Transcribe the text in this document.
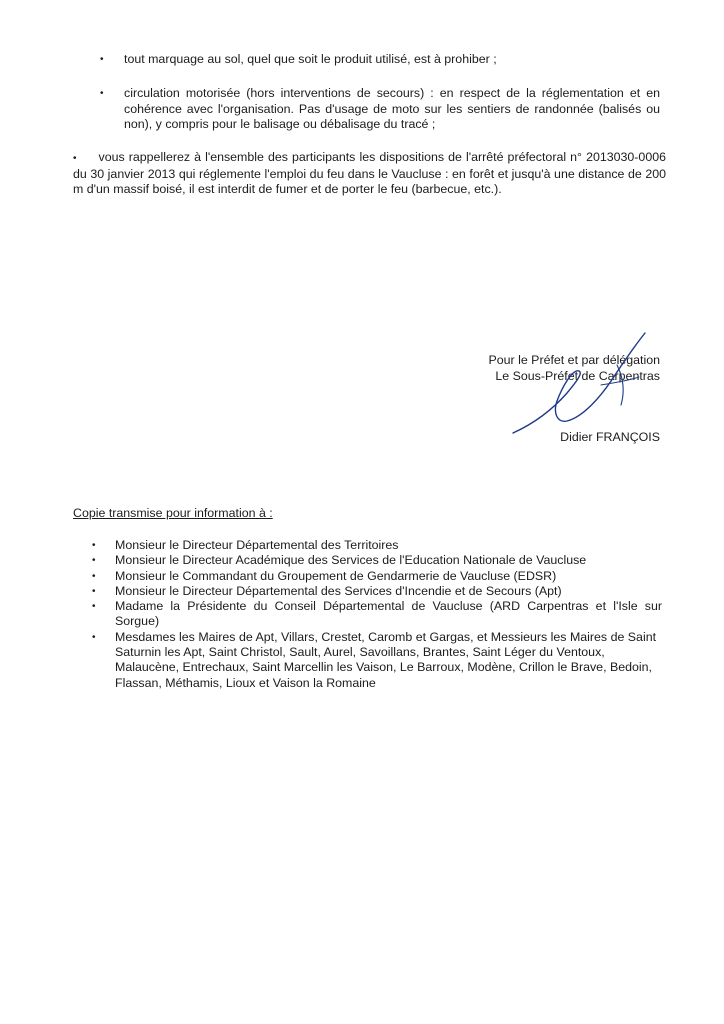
• tout marquage au sol, quel que soit le produit utilisé, est à prohiber ;
• circulation motorisée (hors interventions de secours) : en respect de la réglementation et en cohérence avec l'organisation. Pas d'usage de moto sur les sentiers de randonnée (balisés ou non), y compris pour le balisage ou débalisage du tracé ;
• vous rappellerez à l'ensemble des participants les dispositions de l'arrêté préfectoral n° 2013030-0006 du 30 janvier 2013 qui réglemente l'emploi du feu dans le Vaucluse : en forêt et jusqu'à une distance de 200 m d'un massif boisé, il est interdit de fumer et de porter le feu (barbecue, etc.).
Pour le Préfet et par délégation
Le Sous-Préfet de Carpentras
Didier FRANÇOIS
Copie transmise pour information à :
• Monsieur le Directeur Départemental des Territoires
• Monsieur le Directeur Académique des Services de l'Education Nationale de Vaucluse
• Monsieur le Commandant du Groupement de Gendarmerie de Vaucluse (EDSR)
• Monsieur le Directeur Départemental des Services d'Incendie et de Secours (Apt)
• Madame la Présidente du Conseil Départemental de Vaucluse (ARD Carpentras et l'Isle sur Sorgue)
• Mesdames les Maires de Apt, Villars, Crestet, Caromb et Gargas, et Messieurs les Maires de Saint Saturnin les Apt, Saint Christol, Sault, Aurel, Savoillans, Brantes, Saint Léger du Ventoux, Malaucène, Entrechaux, Saint Marcellin les Vaison, Le Barroux, Modène, Crillon le Brave, Bedoin, Flassan, Méthamis, Lioux et Vaison la Romaine
